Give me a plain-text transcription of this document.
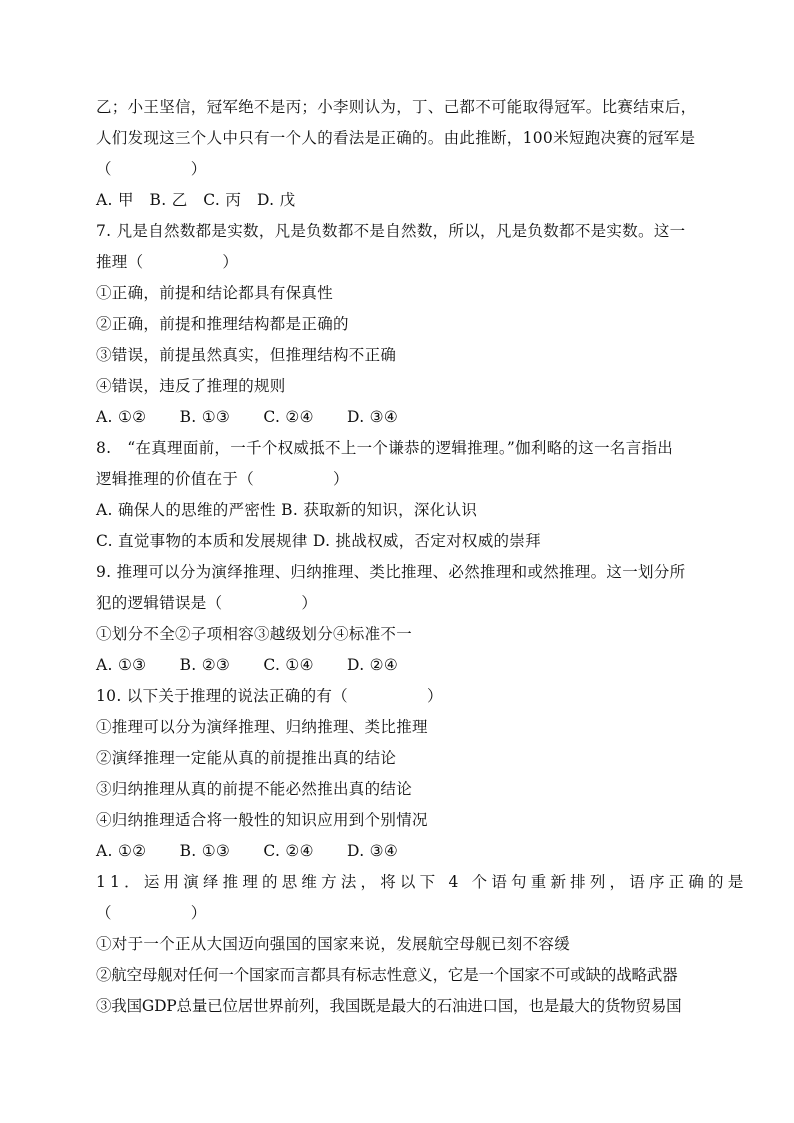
乙；小王坚信，冠军绝不是丙；小李则认为，丁、己都不可能取得冠军。比赛结束后，
人们发现这三个人中只有一个人的看法是正确的。由此推断，100米短跑决赛的冠军是
（　　　　　）
A. 甲　B. 乙　C. 丙　D. 戊
7. 凡是自然数都是实数，凡是负数都不是自然数，所以，凡是负数都不是实数。这一
推理（　　　　　）
①正确，前提和结论都具有保真性
②正确，前提和推理结构都是正确的
③错误，前提虽然真实，但推理结构不正确
④错误，违反了推理的规则
A. ①② B. ①③ C. ②④ D. ③④
8.　“在真理面前，一千个权威抵不上一个谦恭的逻辑推理。”伽利略的这一名言指出
逻辑推理的价值在于（　　　　　）
A. 确保人的思维的严密性 B. 获取新的知识，深化认识
C. 直觉事物的本质和发展规律 D. 挑战权威，否定对权威的崇拜
9. 推理可以分为演绎推理、归纳推理、类比推理、必然推理和或然推理。这一划分所
犯的逻辑错误是（　　　　　）
①划分不全②子项相容③越级划分④标准不一
A. ①③ B. ②③ C. ①④ D. ②④
10. 以下关于推理的说法正确的有（　　　　　）
①推理可以分为演绎推理、归纳推理、类比推理
②演绎推理一定能从真的前提推出真的结论
③归纳推理从真的前提不能必然推出真的结论
④归纳推理适合将一般性的知识应用到个别情况
A. ①② B. ①③ C. ②④ D. ③④
11．运用演绎推理的思维方法，将以下 4 个语句重新排列，语序正确的是
（　　　　　）
①对于一个正从大国迈向强国的国家来说，发展航空母舰已刻不容缓
②航空母舰对任何一个国家而言都具有标志性意义，它是一个国家不可或缺的战略武器
③我国GDP总量已位居世界前列，我国既是最大的石油进口国，也是最大的货物贸易国
